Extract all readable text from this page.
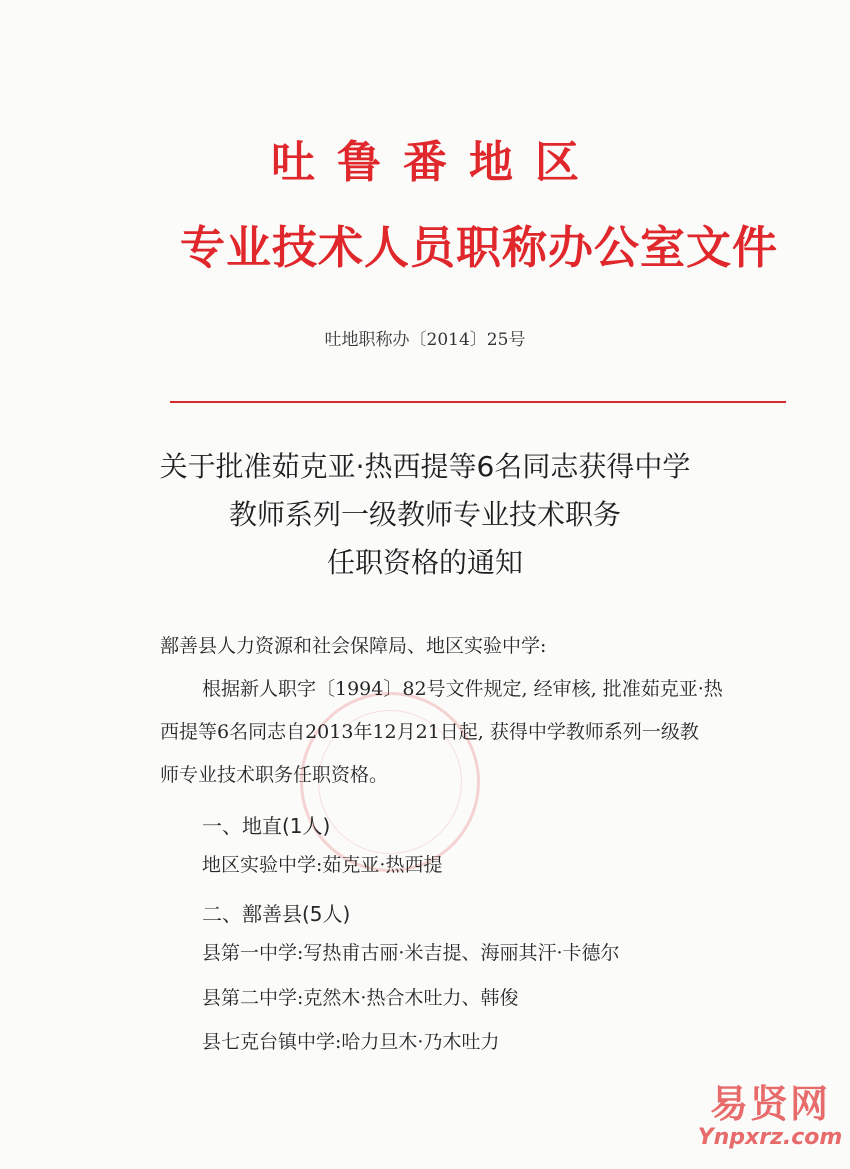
吐鲁番地区
专业技术人员职称办公室文件
吐地职称办〔2014〕25号
关于批准茹克亚·热西提等6名同志获得中学
教师系列一级教师专业技术职务
任职资格的通知
鄯善县人力资源和社会保障局、地区实验中学:
根据新人职字〔1994〕82号文件规定, 经审核, 批准茹克亚·热
西提等6名同志自2013年12月21日起, 获得中学教师系列一级教
师专业技术职务任职资格。
一、地直(1人)
地区实验中学:茹克亚·热西提
二、鄯善县(5人)
县第一中学:写热甫古丽·米吉提、海丽其汗·卡德尔
县第二中学:克然木·热合木吐力、韩俊
县七克台镇中学:哈力旦木·乃木吐力
易贤网
Ynpxrz.com
